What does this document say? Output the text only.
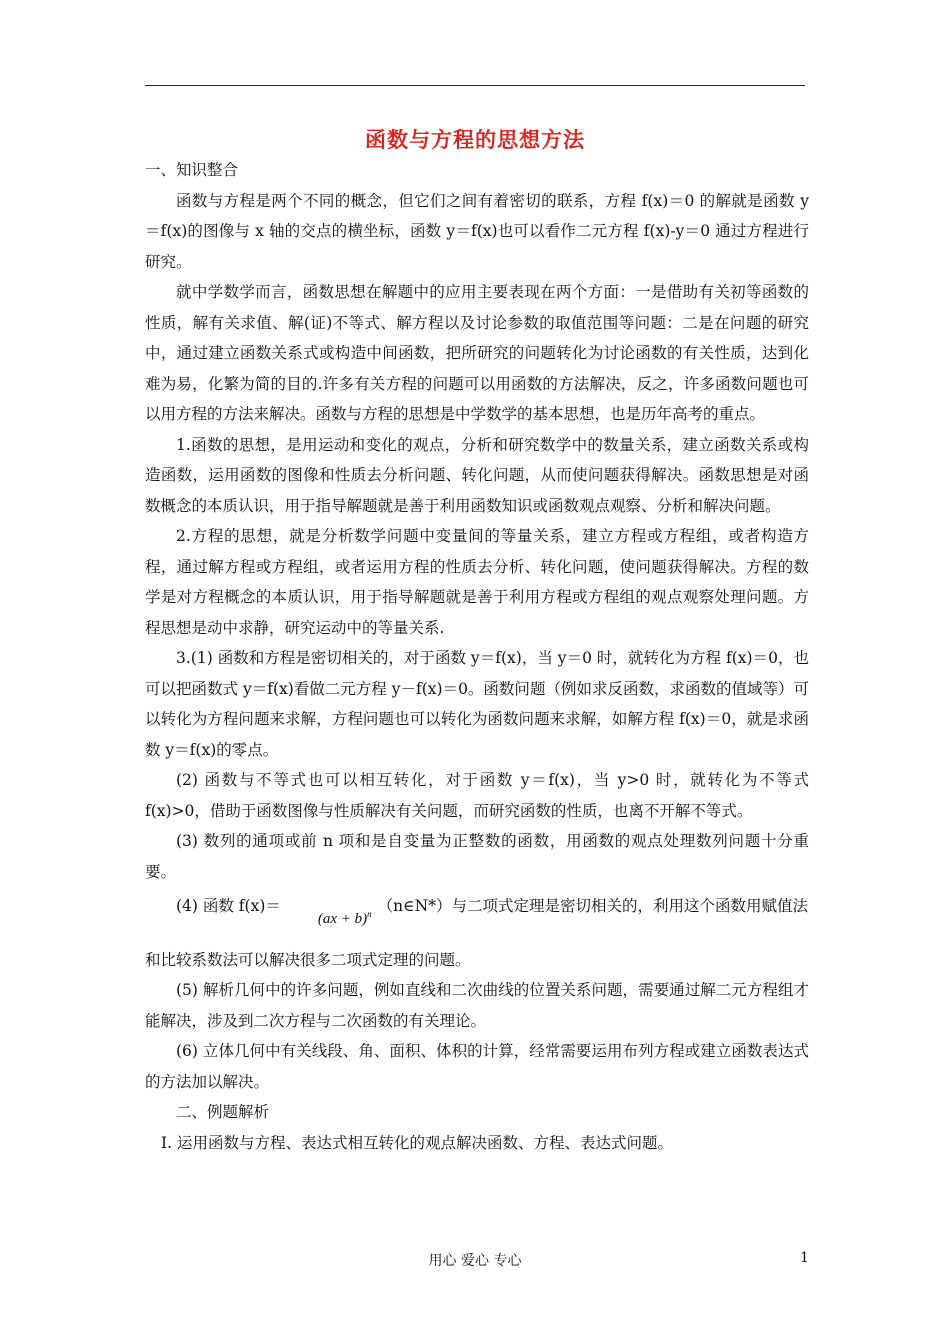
函数与方程的思想方法

一、知识整合

函数与方程是两个不同的概念，但它们之间有着密切的联系，方程 f(x)＝0 的解就是函数 y＝f(x)的图像与 x 轴的交点的横坐标，函数 y＝f(x)也可以看作二元方程 f(x)-y＝0 通过方程进行研究。

就中学数学而言，函数思想在解题中的应用主要表现在两个方面：一是借助有关初等函数的性质，解有关求值、解(证)不等式、解方程以及讨论参数的取值范围等问题：二是在问题的研究中，通过建立函数关系式或构造中间函数，把所研究的问题转化为讨论函数的有关性质，达到化难为易，化繁为简的目的.许多有关方程的问题可以用函数的方法解决，反之，许多函数问题也可以用方程的方法来解决。函数与方程的思想是中学数学的基本思想，也是历年高考的重点。

1.函数的思想，是用运动和变化的观点，分析和研究数学中的数量关系，建立函数关系或构造函数，运用函数的图像和性质去分析问题、转化问题，从而使问题获得解决。函数思想是对函数概念的本质认识，用于指导解题就是善于利用函数知识或函数观点观察、分析和解决问题。

2.方程的思想，就是分析数学问题中变量间的等量关系，建立方程或方程组，或者构造方程，通过解方程或方程组，或者运用方程的性质去分析、转化问题，使问题获得解决。方程的数学是对方程概念的本质认识，用于指导解题就是善于利用方程或方程组的观点观察处理问题。方程思想是动中求静，研究运动中的等量关系.

3.(1) 函数和方程是密切相关的，对于函数 y＝f(x)，当 y＝0 时，就转化为方程 f(x)＝0，也可以把函数式 y＝f(x)看做二元方程 y－f(x)＝0。函数问题（例如求反函数，求函数的值域等）可以转化为方程问题来求解，方程问题也可以转化为函数问题来求解，如解方程 f(x)＝0，就是求函数 y＝f(x)的零点。

(2) 函数与不等式也可以相互转化，对于函数 y＝f(x)，当 y>0 时，就转化为不等式 f(x)>0，借助于函数图像与性质解决有关问题，而研究函数的性质，也离不开解不等式。

(3) 数列的通项或前 n 项和是自变量为正整数的函数，用函数的观点处理数列问题十分重要。

(4) 函数 f(x)＝(ax + b)$^n$ （n∈N*）与二项式定理是密切相关的，利用这个函数用赋值法

和比较系数法可以解决很多二项式定理的问题。

(5) 解析几何中的许多问题，例如直线和二次曲线的位置关系问题，需要通过解二元方程组才能解决，涉及到二次方程与二次函数的有关理论。

(6) 立体几何中有关线段、角、面积、体积的计算，经常需要运用布列方程或建立函数表达式的方法加以解决。

二、例题解析

Ⅰ. 运用函数与方程、表达式相互转化的观点解决函数、方程、表达式问题。

用心 爱心 专心	1
